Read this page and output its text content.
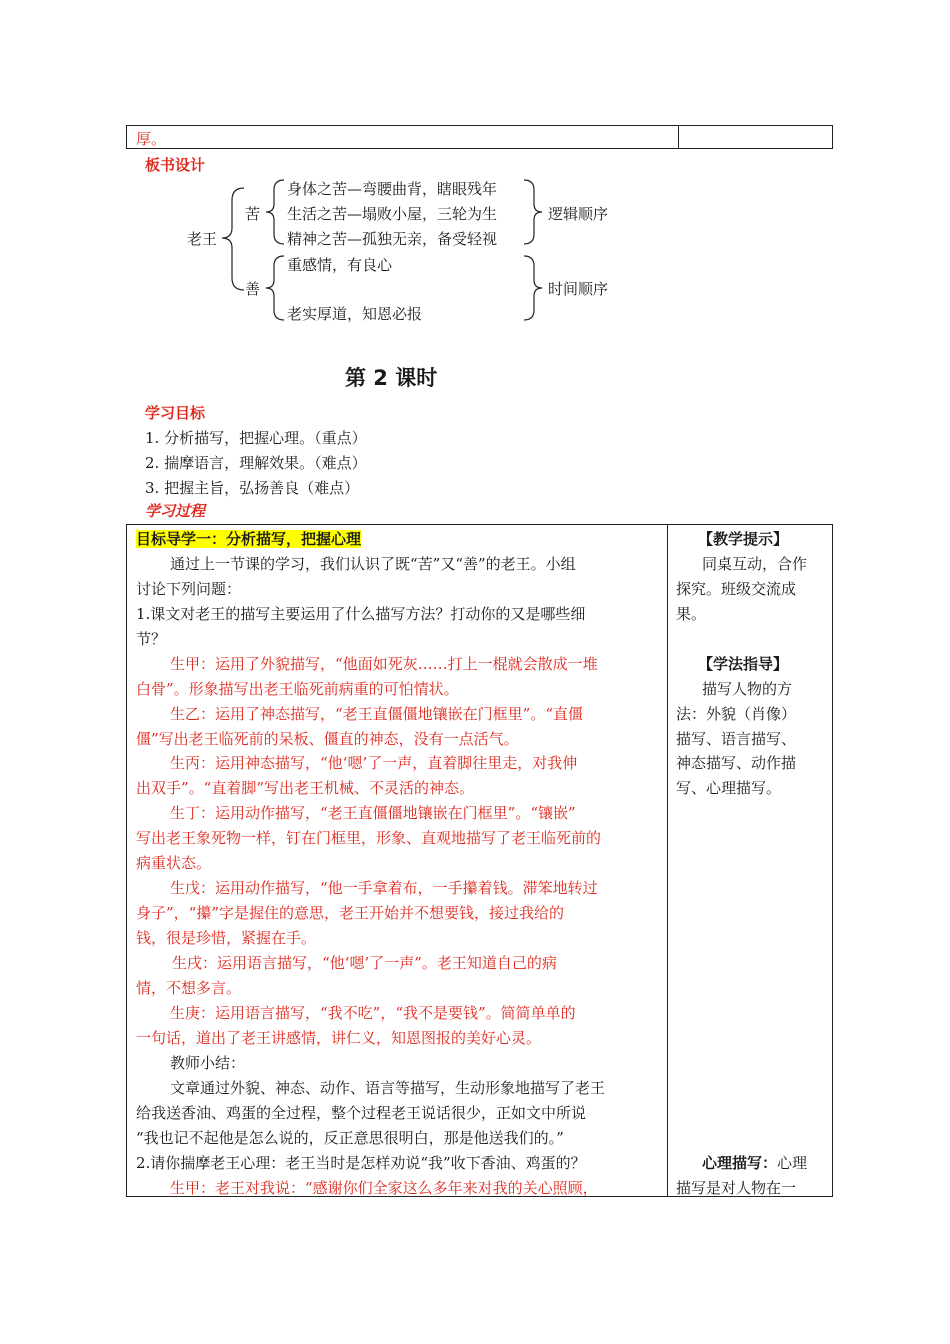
厚。
板书设计
老王
苦
身体之苦—弯腰曲背，瞎眼残年
生活之苦—塌败小屋，三轮为生
精神之苦—孤独无亲，备受轻视
逻辑顺序
善
重感情，有良心
老实厚道，知恩必报
时间顺序
第 2 课时
学习目标
1. 分析描写，把握心理。（重点）
2. 揣摩语言，理解效果。（难点）
3. 把握主旨，弘扬善良（难点）
学习过程
目标导学一：分析描写，把握心理
通过上一节课的学习，我们认识了既“苦”又“善”的老王。小组
讨论下列问题：
1.课文对老王的描写主要运用了什么描写方法？打动你的又是哪些细
节？
生甲：运用了外貌描写，“他面如死灰……打上一棍就会散成一堆
白骨”。形象描写出老王临死前病重的可怕情状。
生乙：运用了神态描写，“老王直僵僵地镶嵌在门框里”。“直僵
僵”写出老王临死前的呆板、僵直的神态，没有一点活气。
生丙：运用神态描写，“他‘嗯’了一声，直着脚往里走，对我伸
出双手”。“直着脚”写出老王机械、不灵活的神态。
生丁：运用动作描写，“老王直僵僵地镶嵌在门框里”。“镶嵌”
写出老王象死物一样，钉在门框里，形象、直观地描写了老王临死前的
病重状态。
生戊：运用动作描写，“他一手拿着布，一手攥着钱。滞笨地转过
身子”，“攥”字是握住的意思，老王开始并不想要钱，接过我给的
钱，很是珍惜，紧握在手。
生戌：运用语言描写，“他‘嗯’了一声”。老王知道自己的病
情，不想多言。
生庚：运用语言描写，“我不吃”，“我不是要钱”。简简单单的
一句话，道出了老王讲感情，讲仁义，知恩图报的美好心灵。
教师小结：
文章通过外貌、神态、动作、语言等描写，生动形象地描写了老王
给我送香油、鸡蛋的全过程，整个过程老王说话很少，正如文中所说
“我也记不起他是怎么说的，反正意思很明白，那是他送我们的。”
2.请你揣摩老王心理：老王当时是怎样劝说“我”收下香油、鸡蛋的？
生甲：老王对我说：“感谢你们全家这么多年来对我的关心照顾，
【教学提示】
同桌互动，合作
探究。班级交流成
果。
【学法指导】
描写人物的方
法：外貌（肖像）
描写、语言描写、
神态描写、动作描
写、心理描写。
心理描写：心理
描写是对人物在一
